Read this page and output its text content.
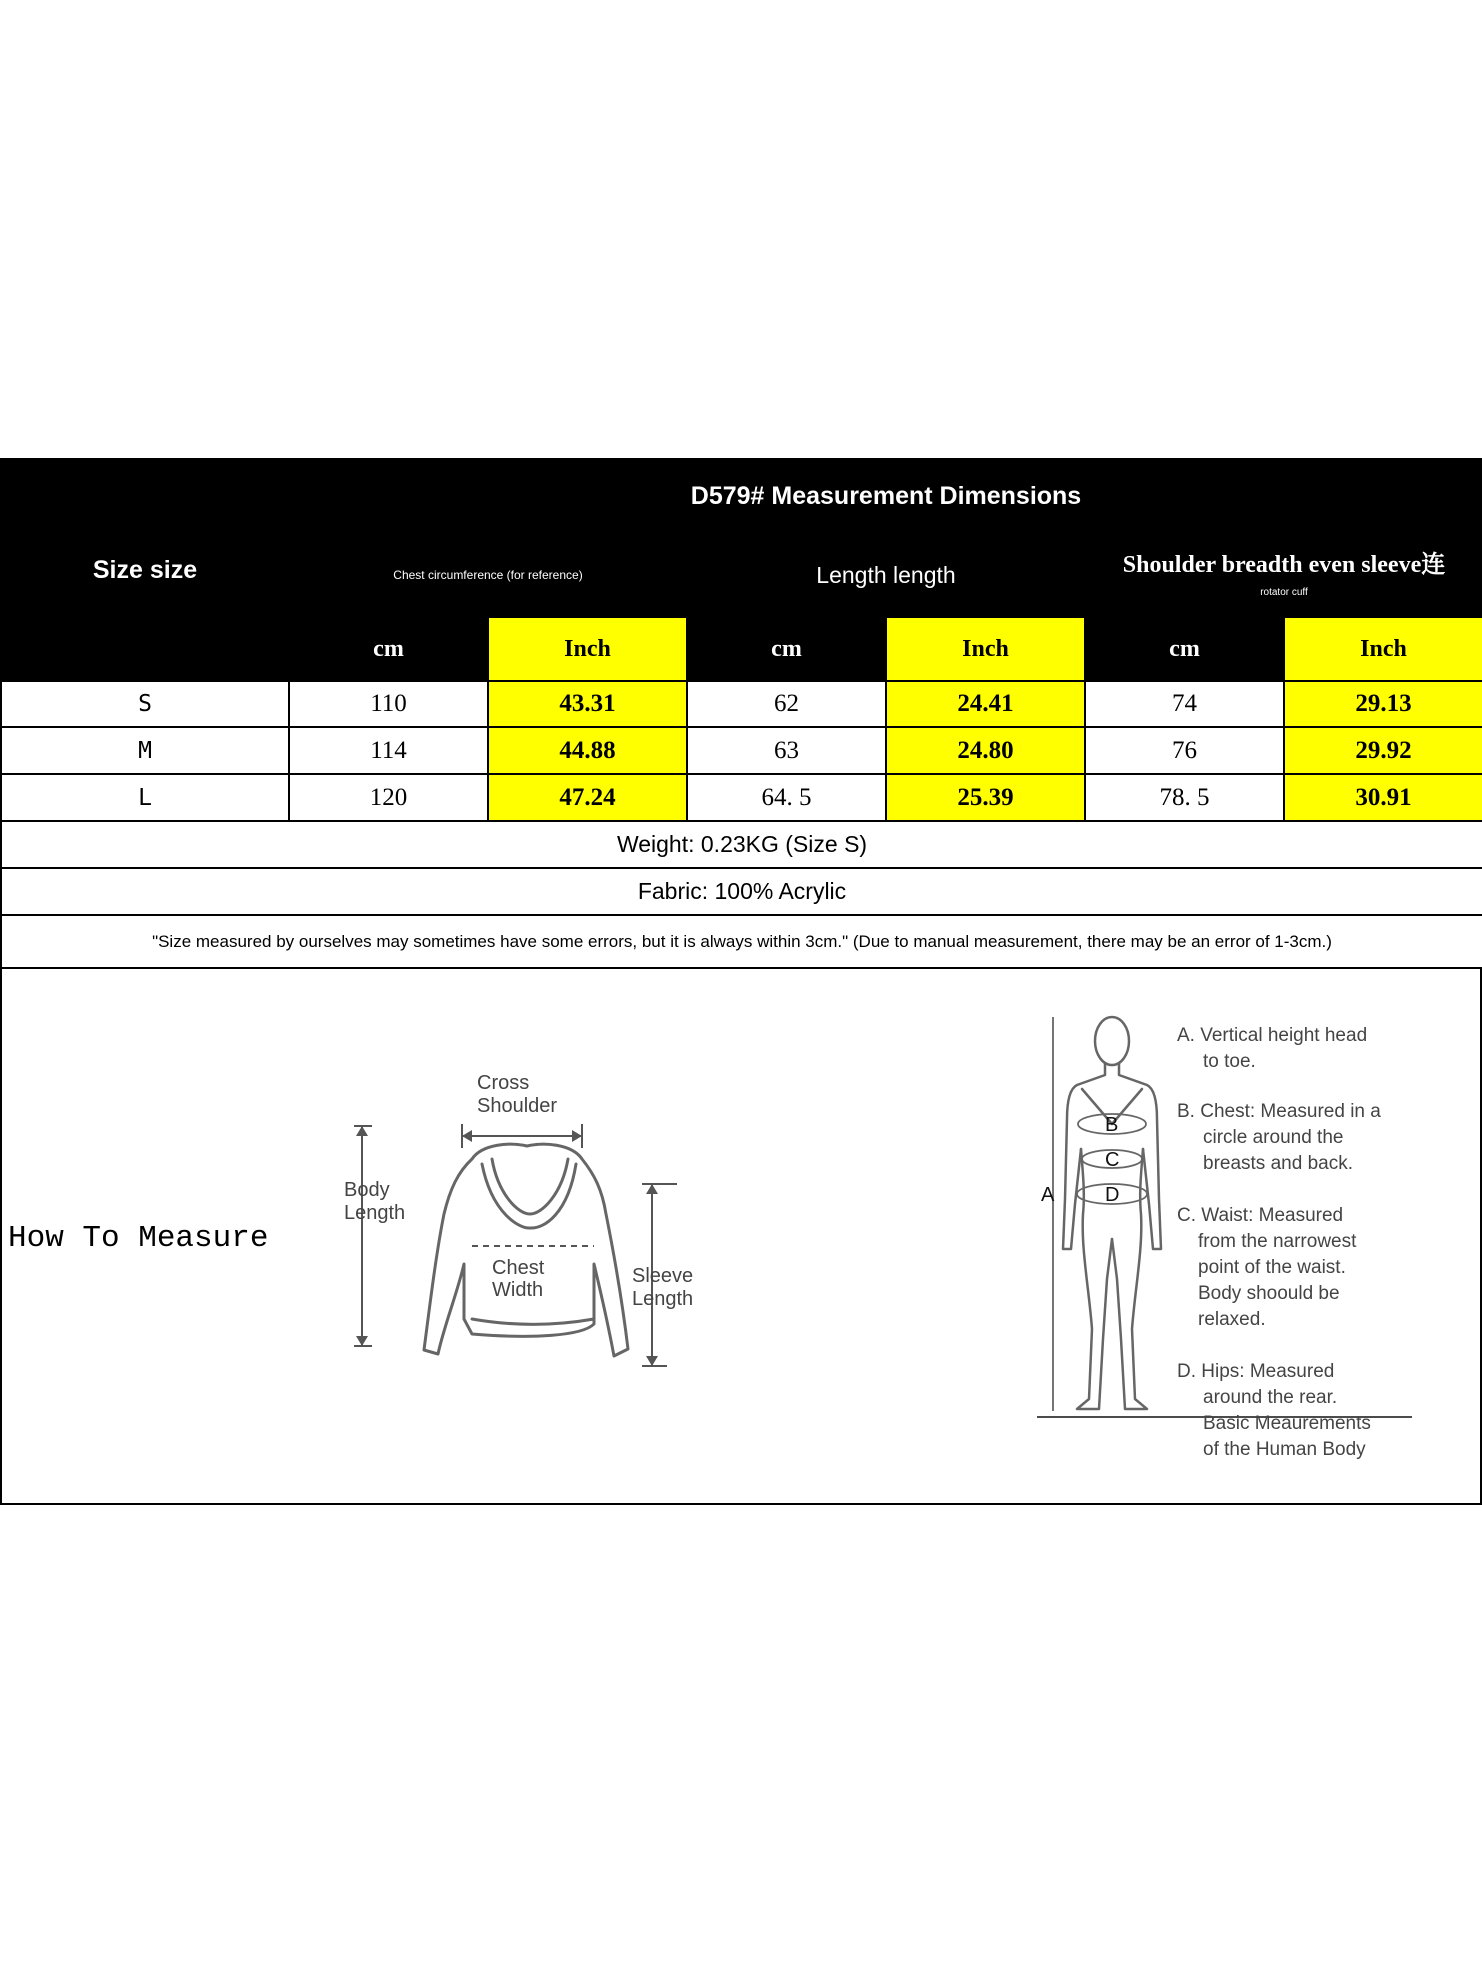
Size size	D579# Measurement Dimensions					
	Chest circumference (for reference)		Length length		Shoulder breadth even sleeve连
rotator cuff	

	cm	Inch	cm	Inch	cm	Inch
S	110	43.31	62	24.41	74	29.13
M	114	44.88	63	24.80	76	29.92
L	120	47.24	64. 5	25.39	78. 5	30.91
Weight: 0.23KG (Size S)						
Fabric: 100% Acrylic						
"Size measured by ourselves may sometimes have some errors, but it is always within 3cm." (Due to manual measurement, there may be an error of 1-3cm.)						
How To Measure
Cross
Shoulder
Body
Length
Chest
Width
Sleeve
Length
A
B
C
D
A. Vertical height head
to toe.
B. Chest: Measured in a
circle around the
breasts and back.
C. Waist: Measured
from the narrowest
point of the waist.
Body shoould be
relaxed.
D. Hips: Measured
around the rear.
Basic Meaurements
of the Human Body
